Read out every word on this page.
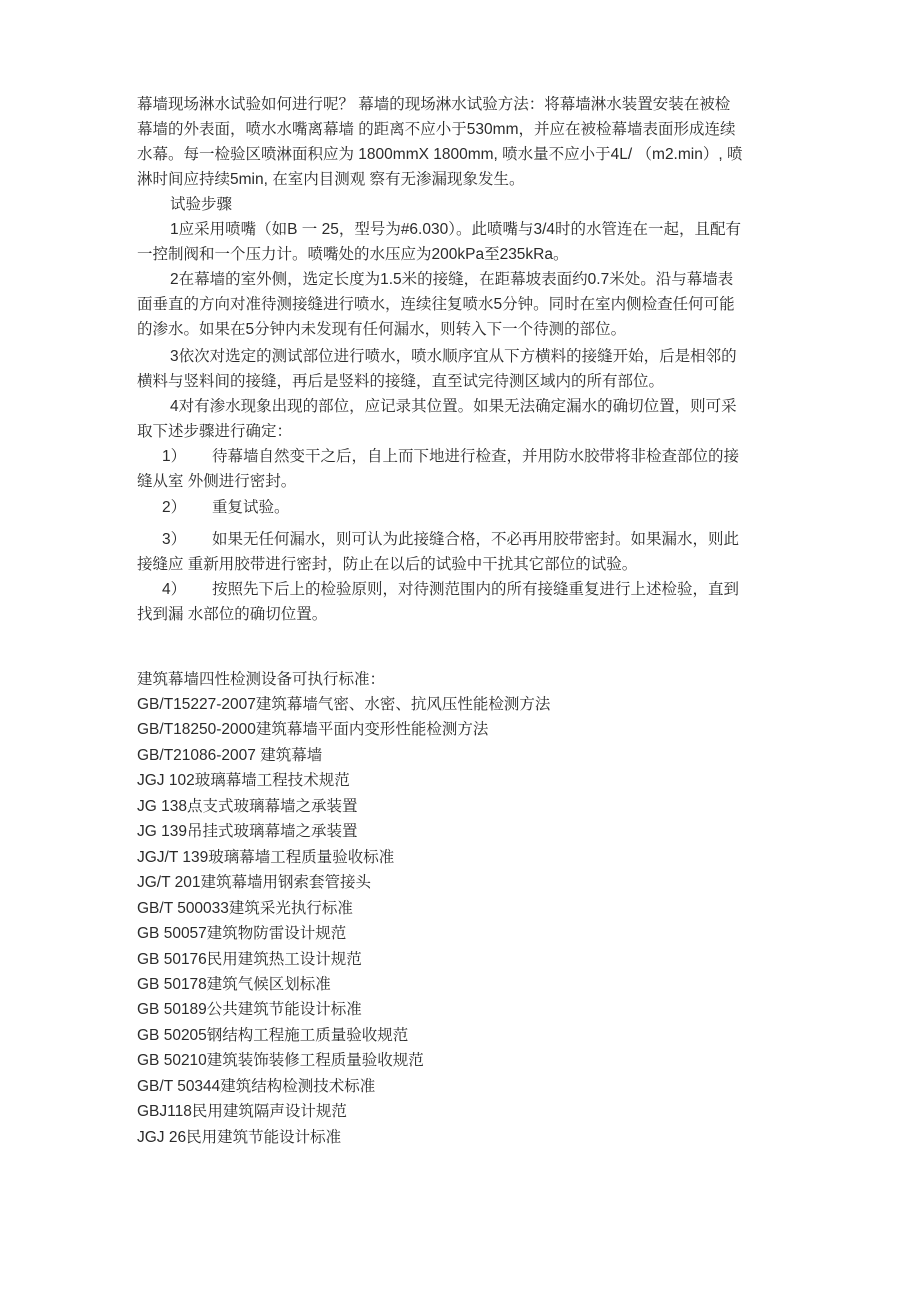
幕墙现场淋水试验如何进行呢？ 幕墙的现场淋水试验方法：将幕墙淋水装置安装在被检
幕墙的外表面，喷水水嘴离幕墙 的距离不应小于530mm，并应在被检幕墙表面形成连续
水幕。每一检验区喷淋面积应为 1800mmX 1800mm, 喷水量不应小于4L/ （m2.min）, 喷
淋时间应持续5min, 在室内目测观 察有无渗漏现象发生。
试验步骤
1应采用喷嘴（如B 一 25，型号为#6.030）。此喷嘴与3/4时的水管连在一起，且配有
一控制阀和一个压力计。喷嘴处的水压应为200kPa至235kRa。
2在幕墙的室外侧，选定长度为1.5米的接缝，在距幕坡表面约0.7米处。沿与幕墙表
面垂直的方向对准待测接缝进行喷水，连续往复喷水5分钟。同时在室内侧检查任何可能
的渗水。如果在5分钟内未发现有任何漏水，则转入下一个待测的部位。
3依次对选定的测试部位进行喷水，喷水顺序宜从下方横料的接缝开始，后是相邻的
横料与竖料间的接缝，再后是竖料的接缝，直至试完待测区域内的所有部位。
4对有渗水现象出现的部位，应记录其位置。如果无法确定漏水的确切位置，则可采
取下述步骤进行确定：
1） 待幕墙自然变干之后，自上而下地进行检查，并用防水胶带将非检查部位的接
缝从室 外侧进行密封。
2） 重复试验。
3） 如果无任何漏水，则可认为此接缝合格，不必再用胶带密封。如果漏水，则此
接缝应 重新用胶带进行密封，防止在以后的试验中干扰其它部位的试验。
4） 按照先下后上的检验原则，对待测范围内的所有接缝重复进行上述检验，直到
找到漏 水部位的确切位置。
建筑幕墙四性检测设备可执行标准：
GB/T15227-2007建筑幕墙气密、水密、抗风压性能检测方法
GB/T18250-2000建筑幕墙平面内变形性能检测方法
GB/T21086-2007 建筑幕墙
JGJ 102玻璃幕墙工程技术规范
JG 138点支式玻璃幕墙之承装置
JG 139吊挂式玻璃幕墙之承装置
JGJ/T 139玻璃幕墙工程质量验收标准
JG/T 201建筑幕墙用钢索套管接头
GB/T 500033建筑采光执行标准
GB 50057建筑物防雷设计规范
GB 50176民用建筑热工设计规范
GB 50178建筑气候区划标准
GB 50189公共建筑节能设计标准
GB 50205钢结构工程施工质量验收规范
GB 50210建筑装饰装修工程质量验收规范
GB/T 50344建筑结构检测技术标准
GBJ118民用建筑隔声设计规范
JGJ 26民用建筑节能设计标准
